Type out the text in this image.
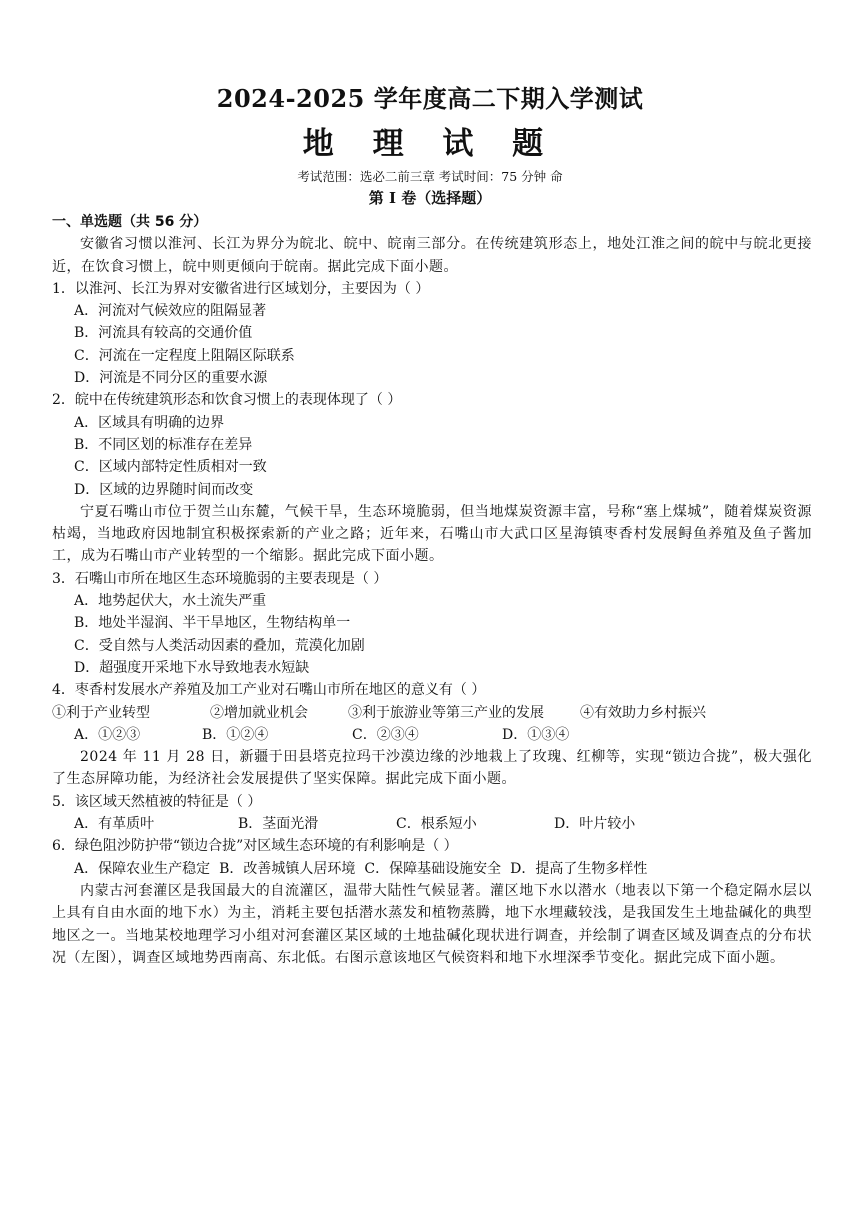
2024-2025 学年度高二下期入学测试
地 理 试 题
考试范围：选必二前三章 考试时间：75 分钟 命
第 I 卷（选择题）
一、单选题（共 56 分）
安徽省习惯以淮河、长江为界分为皖北、皖中、皖南三部分。在传统建筑形态上，地处江淮之间的皖中与皖北更接近，在饮食习惯上，皖中则更倾向于皖南。据此完成下面小题。
1．以淮河、长江为界对安徽省进行区域划分，主要因为（ ）
A．河流对气候效应的阻隔显著
B．河流具有较高的交通价值
C．河流在一定程度上阻隔区际联系
D．河流是不同分区的重要水源
2．皖中在传统建筑形态和饮食习惯上的表现体现了（ ）
A．区域具有明确的边界
B．不同区划的标准存在差异
C．区域内部特定性质相对一致
D．区域的边界随时间而改变
宁夏石嘴山市位于贺兰山东麓，气候干旱，生态环境脆弱，但当地煤炭资源丰富，号称“塞上煤城”，随着煤炭资源枯竭，当地政府因地制宜积极探索新的产业之路；近年来，石嘴山市大武口区星海镇枣香村发展鲟鱼养殖及鱼子酱加工，成为石嘴山市产业转型的一个缩影。据此完成下面小题。
3．石嘴山市所在地区生态环境脆弱的主要表现是（ ）
A．地势起伏大，水土流失严重
B．地处半湿润、半干旱地区，生物结构单一
C．受自然与人类活动因素的叠加，荒漠化加剧
D．超强度开采地下水导致地表水短缺
4．枣香村发展水产养殖及加工产业对石嘴山市所在地区的意义有（ ）
①利于产业转型	②增加就业机会	③利于旅游业等第三产业的发展	④有效助力乡村振兴
A．①②③	B．①②④	C．②③④	D．①③④
2024 年 11 月 28 日，新疆于田县塔克拉玛干沙漠边缘的沙地栽上了玫瑰、红柳等，实现“锁边合拢”，极大强化了生态屏障功能，为经济社会发展提供了坚实保障。据此完成下面小题。
5．该区域天然植被的特征是（ ）
A．有革质叶	B．茎面光滑	C．根系短小	D．叶片较小
6．绿色阻沙防护带“锁边合拢”对区域生态环境的有利影响是（ ）
A．保障农业生产稳定 B．改善城镇人居环境 C．保障基础设施安全 D．提高了生物多样性
内蒙古河套灌区是我国最大的自流灌区，温带大陆性气候显著。灌区地下水以潜水（地表以下第一个稳定隔水层以上具有自由水面的地下水）为主，消耗主要包括潜水蒸发和植物蒸腾，地下水埋藏较浅，是我国发生土地盐碱化的典型地区之一。当地某校地理学习小组对河套灌区某区域的土地盐碱化现状进行调查，并绘制了调查区域及调查点的分布状况（左图），调查区域地势西南高、东北低。右图示意该地区气候资料和地下水埋深季节变化。据此完成下面小题。
